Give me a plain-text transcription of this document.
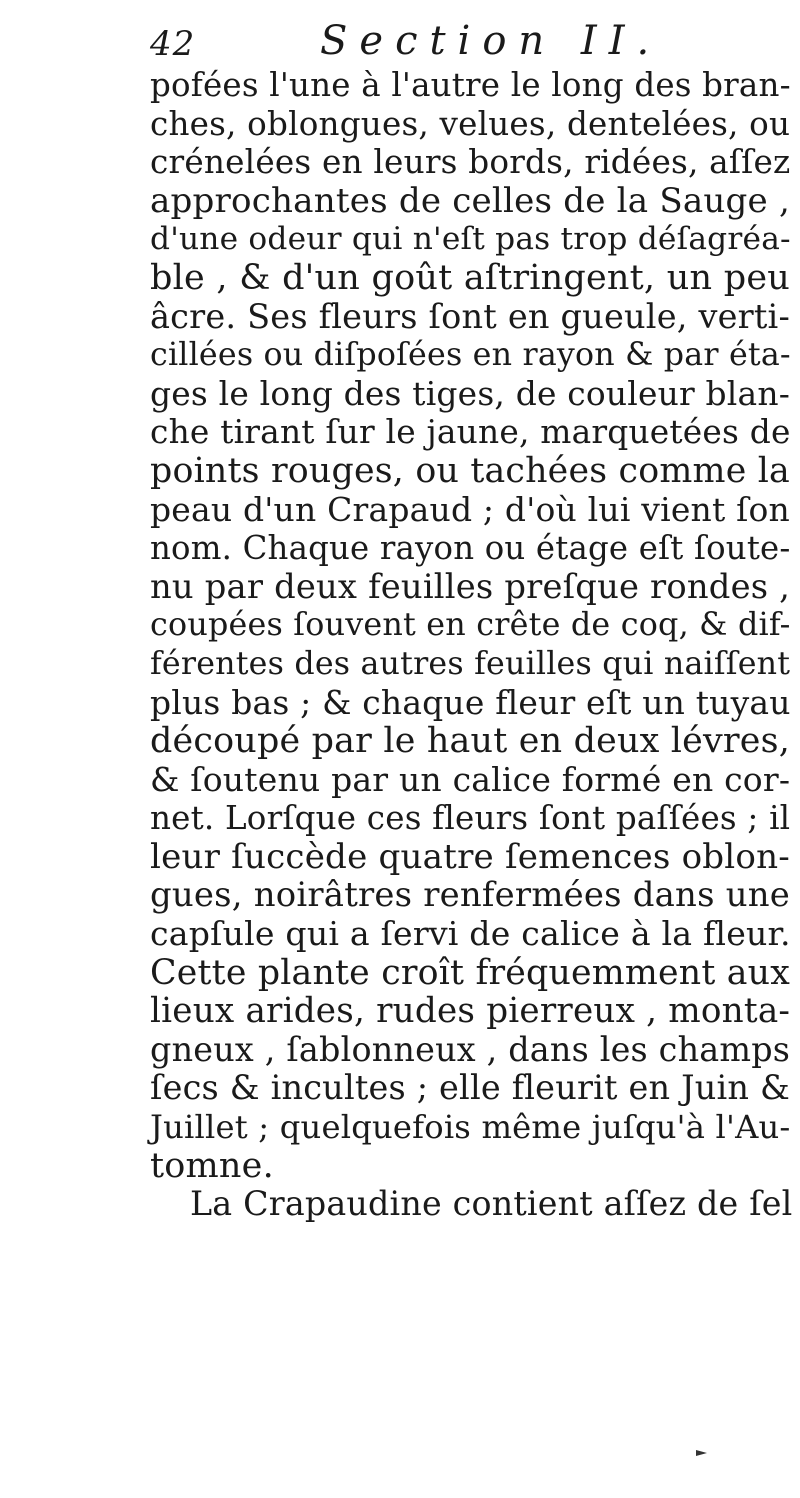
42	Section II.
pofées l'une à l'autre le long des bran-
ches, oblongues, velues, dentelées, ou
crénelées en leurs bords, ridées, aſſez
approchantes de celles de la Sauge ,
d'une odeur qui n'eſt pas trop déſagréa-
ble , & d'un goût aſtringent, un peu
âcre. Ses fleurs ſont en gueule, verti-
cillées ou diſpoſées en rayon & par éta-
ges le long des tiges, de couleur blan-
che tirant ſur le jaune, marquetées de
points rouges, ou tachées comme la
peau d'un Crapaud ; d'où lui vient ſon
nom. Chaque rayon ou étage eſt ſoute-
nu par deux feuilles preſque rondes ,
coupées ſouvent en crête de coq, & dif-
férentes des autres feuilles qui naiſſent
plus bas ; & chaque fleur eſt un tuyau
découpé par le haut en deux lévres,
& ſoutenu par un calice formé en cor-
net. Lorſque ces fleurs ſont paſſées ; il
leur ſuccède quatre ſemences oblon-
gues, noirâtres renfermées dans une
capſule qui a ſervi de calice à la fleur.
Cette plante croît fréquemment aux
lieux arides, rudes pierreux , monta-
gneux , ſablonneux , dans les champs
ſecs & incultes ; elle fleurit en Juin &
Juillet ; quelquefois même juſqu'à l'Au-
tomne.
La Crapaudine contient aſſez de ſel
